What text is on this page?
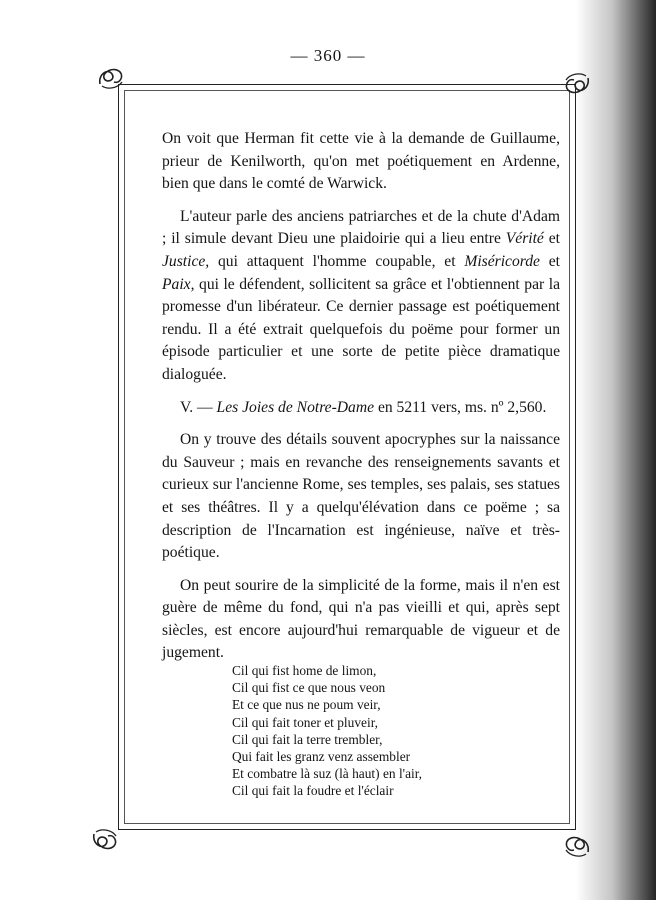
— 360 —

On voit que Herman fit cette vie à la demande de Guillaume, prieur de Kenilworth, qu'on met poétiquement en Ardenne, bien que dans le comté de Warwick.

L'auteur parle des anciens patriarches et de la chute d'Adam ; il simule devant Dieu une plaidoirie qui a lieu entre Vérité et Justice, qui attaquent l'homme coupable, et Miséricorde et Paix, qui le défendent, sollicitent sa grâce et l'obtiennent par la promesse d'un libérateur. Ce dernier passage est poétiquement rendu. Il a été extrait quelquefois du poëme pour former un épisode particulier et une sorte de petite pièce dramatique dialoguée.

V. — Les Joies de Notre-Dame en 5211 vers, ms. nº 2,560.

On y trouve des détails souvent apocryphes sur la naissance du Sauveur ; mais en revanche des renseignements savants et curieux sur l'ancienne Rome, ses temples, ses palais, ses statues et ses théâtres. Il y a quelqu'élévation dans ce poëme ; sa description de l'Incarnation est ingénieuse, naïve et très-poétique.

On peut sourire de la simplicité de la forme, mais il n'en est guère de même du fond, qui n'a pas vieilli et qui, après sept siècles, est encore aujourd'hui remarquable de vigueur et de jugement.

Cil qui fist home de limon,
Cil qui fist ce que nous veon
Et ce que nus ne poum veir,
Cil qui fait toner et pluveir,
Cil qui fait la terre trembler,
Qui fait les granz venz assembler
Et combatre là suz (là haut) en l'air,
Cil qui fait la foudre et l'éclair
